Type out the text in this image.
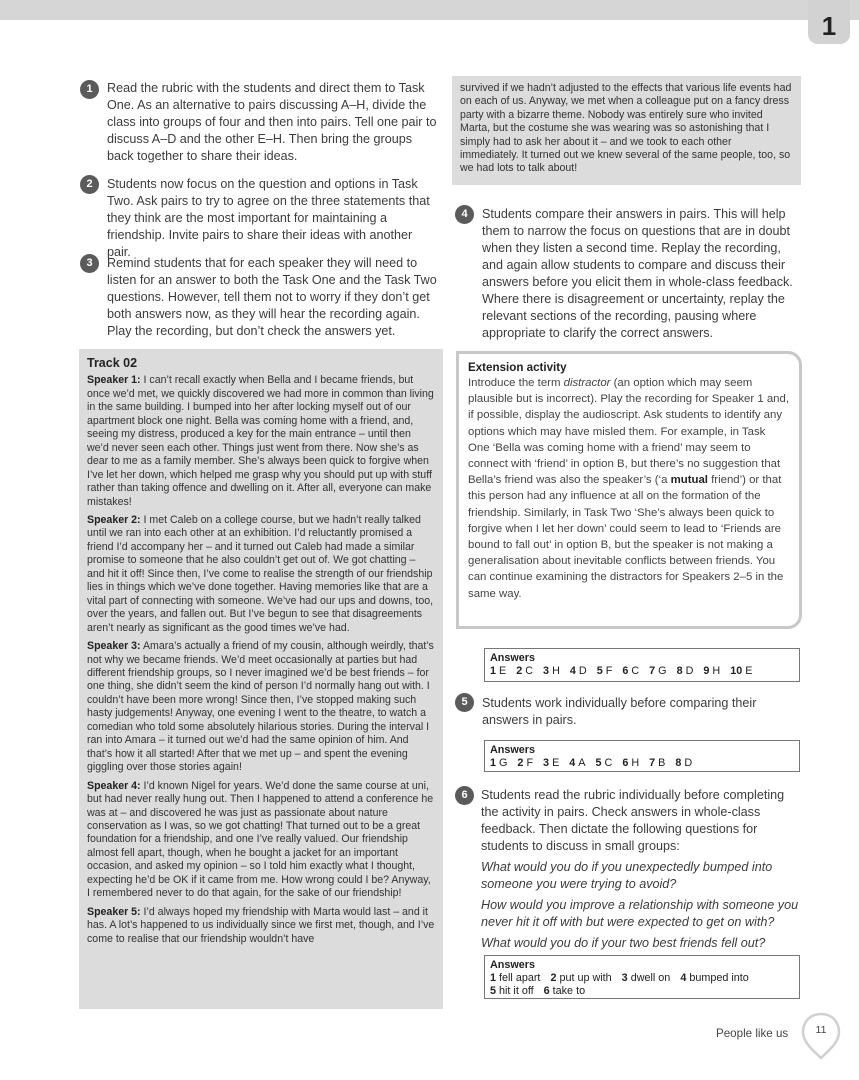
1
1	Read the rubric with the students and direct them to Task One. As an alternative to pairs discussing A–H, divide the class into groups of four and then into pairs. Tell one pair to discuss A–D and the other E–H. Then bring the groups back together to share their ideas.

2	Students now focus on the question and options in Task Two. Ask pairs to try to agree on the three statements that they think are the most important for maintaining a friendship. Invite pairs to share their ideas with another pair.

3	Remind students that for each speaker they will need to listen for an answer to both the Task One and the Task Two questions. However, tell them not to worry if they don’t get both answers now, as they will hear the recording again. Play the recording, but don’t check the answers yet.

Track 02

Speaker 1: I can’t recall exactly when Bella and I became friends, but once we’d met, we quickly discovered we had more in common than living in the same building. I bumped into her after locking myself out of our apartment block one night. Bella was coming home with a friend, and, seeing my distress, produced a key for the main entrance – until then we’d never seen each other. Things just went from there. Now she’s as dear to me as a family member. She’s always been quick to forgive when I’ve let her down, which helped me grasp why you should put up with stuff rather than taking offence and dwelling on it. After all, everyone can make mistakes!

Speaker 2: I met Caleb on a college course, but we hadn’t really talked until we ran into each other at an exhibition. I’d reluctantly promised a friend I’d accompany her – and it turned out Caleb had made a similar promise to someone that he also couldn’t get out of. We got chatting – and hit it off! Since then, I’ve come to realise the strength of our friendship lies in things which we’ve done together. Having memories like that are a vital part of connecting with someone. We’ve had our ups and downs, too, over the years, and fallen out. But I’ve begun to see that disagreements aren’t nearly as significant as the good times we’ve had.

Speaker 3: Amara’s actually a friend of my cousin, although weirdly, that’s not why we became friends. We’d meet occasionally at parties but had different friendship groups, so I never imagined we’d be best friends – for one thing, she didn’t seem the kind of person I’d normally hang out with. I couldn’t have been more wrong! Since then, I’ve stopped making such hasty judgements! Anyway, one evening I went to the theatre, to watch a comedian who told some absolutely hilarious stories. During the interval I ran into Amara – it turned out we’d had the same opinion of him. And that’s how it all started! After that we met up – and spent the evening giggling over those stories again!

Speaker 4: I’d known Nigel for years. We’d done the same course at uni, but had never really hung out. Then I happened to attend a conference he was at – and discovered he was just as passionate about nature conservation as I was, so we got chatting! That turned out to be a great foundation for a friendship, and one I’ve really valued. Our friendship almost fell apart, though, when he bought a jacket for an important occasion, and asked my opinion – so I told him exactly what I thought, expecting he’d be OK if it came from me. How wrong could I be? Anyway, I remembered never to do that again, for the sake of our friendship!

Speaker 5: I’d always hoped my friendship with Marta would last – and it has. A lot’s happened to us individually since we first met, though, and I’ve come to realise that our friendship wouldn’t have

survived if we hadn’t adjusted to the effects that various life events had on each of us. Anyway, we met when a colleague put on a fancy dress party with a bizarre theme. Nobody was entirely sure who invited Marta, but the costume she was wearing was so astonishing that I simply had to ask her about it – and we took to each other immediately. It turned out we knew several of the same people, too, so we had lots to talk about!
4	Students compare their answers in pairs. This will help them to narrow the focus on questions that are in doubt when they listen a second time. Replay the recording, and again allow students to compare and discuss their answers before you elicit them in whole-class feedback. Where there is disagreement or uncertainty, replay the relevant sections of the recording, pausing where appropriate to clarify the correct answers.

Extension activity

Introduce the term distractor (an option which may seem plausible but is incorrect). Play the recording for Speaker 1 and, if possible, display the audioscript. Ask students to identify any options which may have misled them. For example, in Task One ‘Bella was coming home with a friend’ may seem to connect with ‘friend’ in option B, but there’s no suggestion that Bella’s friend was also the speaker’s (‘a mutual friend’) or that this person had any influence at all on the formation of the friendship. Similarly, in Task Two ‘She’s always been quick to forgive when I let her down’ could seem to lead to ‘Friends are bound to fall out’ in option B, but the speaker is not making a generalisation about inevitable conflicts between friends. You can continue examining the distractors for Speakers 2–5 in the same way.

Answers
1 E 2 C 3 H 4 D 5 F 6 C 7 G 8 D 9 H 10 E
5	Students work individually before comparing their answers in pairs.

Answers
1 G 2 F 3 E 4 A 5 C 6 H 7 B 8 D
6	Students read the rubric individually before completing the activity in pairs. Check answers in whole-class feedback. Then dictate the following questions for students to discuss in small groups:

What would you do if you unexpectedly bumped into someone you were trying to avoid?

How would you improve a relationship with someone you never hit it off with but were expected to get on with?

What would you do if your two best friends fell out?

Answers
1 fell apart 2 put up with 3 dwell on 4 bumped into
5 hit it off 6 take to
People like us	11
